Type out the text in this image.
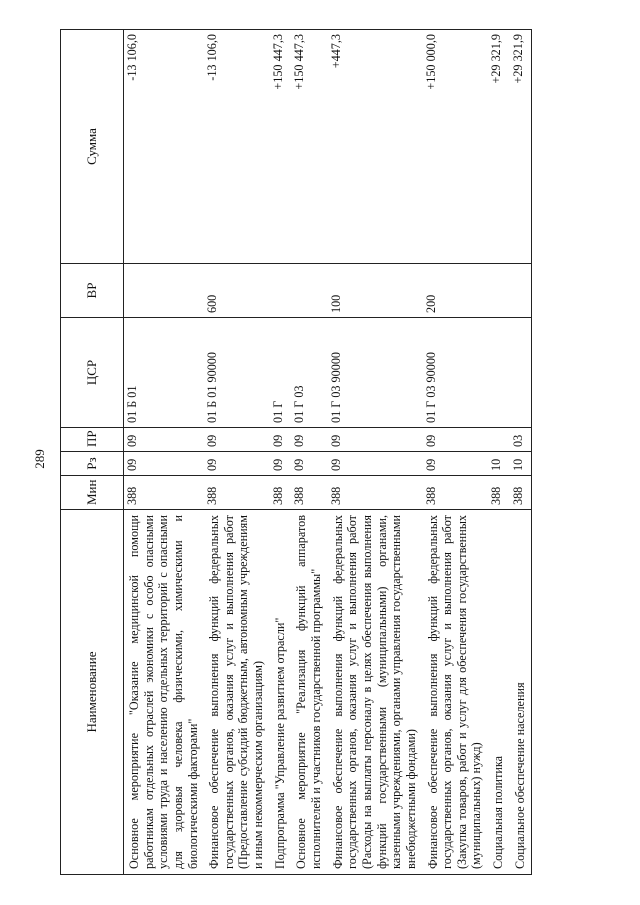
289
Наименование	Мин	Рз	ПР	ЦСР	ВР	Сумма
Основное мероприятие "Оказание медицинской помощи работникам отдельных отраслей экономики с особо опасными условиями труда и населению отдельных территорий с опасными для здоровья человека физическими, химическими и биологическими факторами"	388	09	09	01 Б 01		-13 106,0
Финансовое обеспечение выполнения функций федеральных государственных органов, оказания услуг и выполнения работ (Предоставление субсидий бюджетным, автономным учреждениям и иным некоммерческим организациям)	388	09	09	01 Б 01 90000	600	-13 106,0
Подпрограмма "Управление развитием отрасли"	388	09	09	01 Г		+150 447,3
Основное мероприятие "Реализация функций аппаратов исполнителей и участников государственной программы"	388	09	09	01 Г 03		+150 447,3
Финансовое обеспечение выполнения функций федеральных государственных органов, оказания услуг и выполнения работ (Расходы на выплаты персоналу в целях обеспечения выполнения функций государственными (муниципальными) органами, казенными учреждениями, органами управления государственными внебюджетными фондами)	388	09	09	01 Г 03 90000	100	+447,3
Финансовое обеспечение выполнения функций федеральных государственных органов, оказания услуг и выполнения работ (Закупка товаров, работ и услуг для обеспечения государственных (муниципальных) нужд)	388	09	09	01 Г 03 90000	200	+150 000,0
Социальная политика	388	10				+29 321,9
Социальное обеспечение населения	388	10	03			+29 321,9
